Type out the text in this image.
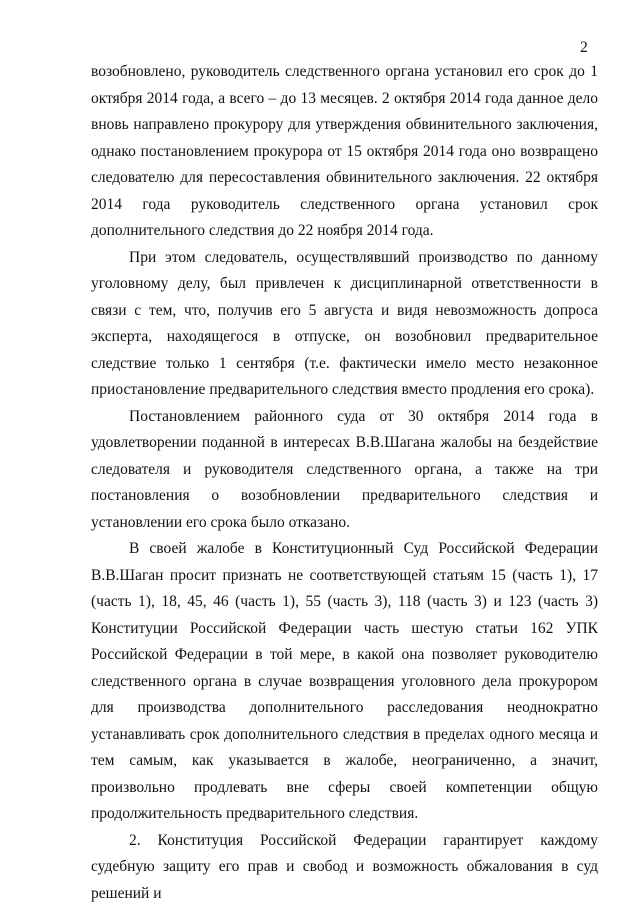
2

возобновлено, руководитель следственного органа установил его срок до 1 октября 2014 года, а всего – до 13 месяцев. 2 октября 2014 года данное дело вновь направлено прокурору для утверждения обвинительного заключения, однако постановлением прокурора от 15 октября 2014 года оно возвращено следователю для пересоставления обвинительного заключения. 22 октября 2014 года руководитель следственного органа установил срок дополнительного следствия до 22 ноября 2014 года.

При этом следователь, осуществлявший производство по данному уголовному делу, был привлечен к дисциплинарной ответственности в связи с тем, что, получив его 5 августа и видя невозможность допроса эксперта, находящегося в отпуске, он возобновил предварительное следствие только 1 сентября (т.е. фактически имело место незаконное приостановление предварительного следствия вместо продления его срока).

Постановлением районного суда от 30 октября 2014 года в удовлетворении поданной в интересах В.В.Шагана жалобы на бездействие следователя и руководителя следственного органа, а также на три постановления о возобновлении предварительного следствия и установлении его срока было отказано.

В своей жалобе в Конституционный Суд Российской Федерации В.В.Шаган просит признать не соответствующей статьям 15 (часть 1), 17 (часть 1), 18, 45, 46 (часть 1), 55 (часть 3), 118 (часть 3) и 123 (часть 3) Конституции Российской Федерации часть шестую статьи 162 УПК Российской Федерации в той мере, в какой она позволяет руководителю следственного органа в случае возвращения уголовного дела прокурором для производства дополнительного расследования неоднократно устанавливать срок дополнительного следствия в пределах одного месяца и тем самым, как указывается в жалобе, неограниченно, а значит, произвольно продлевать вне сферы своей компетенции общую продолжительность предварительного следствия.

2. Конституция Российской Федерации гарантирует каждому судебную защиту его прав и свобод и возможность обжалования в суд решений и
